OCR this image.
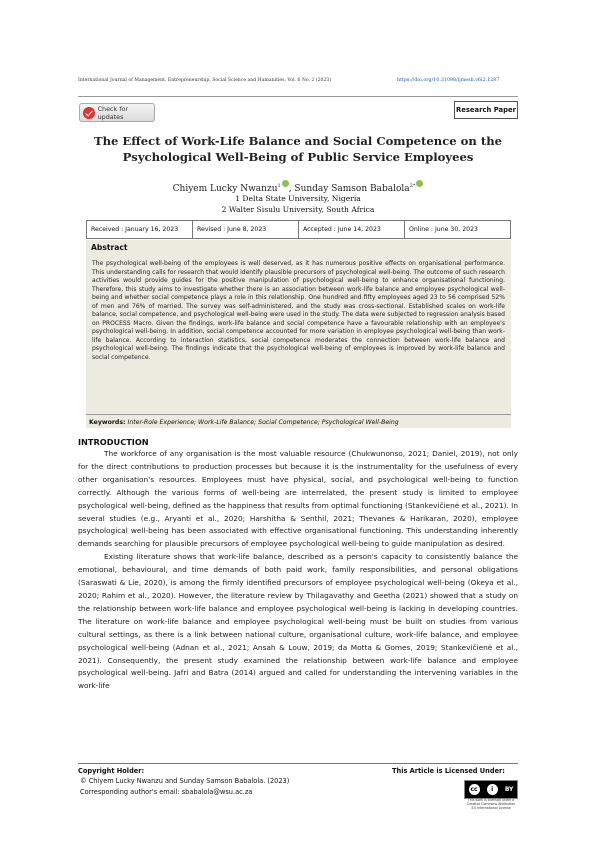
International Journal of Management, Entrepreneurship, Social Science and Humanities, Vol. 6 No. 2 (2023)	https://doi.org/10.31098/ijmesh.v6i2.1287
Check for updates
Research Paper
The Effect of Work-Life Balance and Social Competence on the Psychological Well-Being of Public Service Employees
Chiyem Lucky Nwanzu$^1$ , Sunday Samson Babalola$^{2*}$
1 Delta State University, Nigeria
2 Walter Sisulu University, South Africa
Received : January 16, 2023	Revised : June 8, 2023	Accepted : June 14, 2023	Online : June 30, 2023
Abstract

The psychological well-being of the employees is well deserved, as it has numerous positive effects on organisational performance. This understanding calls for research that would identify plausible precursors of psychological well-being. The outcome of such research activities would provide guides for the positive manipulation of psychological well-being to enhance organisational functioning. Therefore, this study aims to investigate whether there is an association between work-life balance and employee psychological well-being and whether social competence plays a role in this relationship. One hundred and fifty employees aged 23 to 56 comprised 52% of men and 76% of married. The survey was self-administered, and the study was cross-sectional. Established scales on work-life balance, social competence, and psychological well-being were used in the study. The data were subjected to regression analysis based on PROCESS Macro. Given the findings, work-life balance and social competence have a favourable relationship with an employee's psychological well-being. In addition, social competence accounted for more variation in employee psychological well-being than work-life balance. According to interaction statistics, social competence moderates the connection between work-life balance and psychological well-being. The findings indicate that the psychological well-being of employees is improved by work-life balance and social competence.

Keywords: Inter-Role Experience; Work-Life Balance; Social Competence; Psychological Well-Being
INTRODUCTION

The workforce of any organisation is the most valuable resource (Chukwunonso, 2021; Daniel, 2019), not only for the direct contributions to production processes but because it is the instrumentality for the usefulness of every other organisation's resources. Employees must have physical, social, and psychological well-being to function correctly. Although the various forms of well-being are interrelated, the present study is limited to employee psychological well-being, defined as the happiness that results from optimal functioning (Stankevičienė et al., 2021). In several studies (e.g., Aryanti et al., 2020; Harshitha & Senthil, 2021; Thevanes & Harikaran, 2020), employee psychological well-being has been associated with effective organisational functioning. This understanding inherently demands searching for plausible precursors of employee psychological well-being to guide manipulation as desired.

Existing literature shows that work-life balance, described as a person's capacity to consistently balance the emotional, behavioural, and time demands of both paid work, family responsibilities, and personal obligations (Saraswati & Lie, 2020), is among the firmly identified precursors of employee psychological well-being (Okeya et al., 2020; Rahim et al., 2020). However, the literature review by Thilagavathy and Geetha (2021) showed that a study on the relationship between work-life balance and employee psychological well-being is lacking in developing countries. The literature on work-life balance and employee psychological well-being must be built on studies from various cultural settings, as there is a link between national culture, organisational culture, work-life balance, and employee psychological well-being (Adnan et al., 2021; Ansah & Louw, 2019; da Motta & Gomes, 2019; Stankevičienė et al., 2021). Consequently, the present study examined the relationship between work-life balance and employee psychological well-being. Jafri and Batra (2014) argued and called for understanding the intervening variables in the work-life

Copyright Holder:
© Chiyem Lucky Nwanzu and Sunday Samson Babalola. (2023)
Corresponding author's email: sbabalola@wsu.ac.za
This Article is Licensed Under:
cc	i	BY
This work is licensed under a Creative Commons Attribution 4.0 International License
